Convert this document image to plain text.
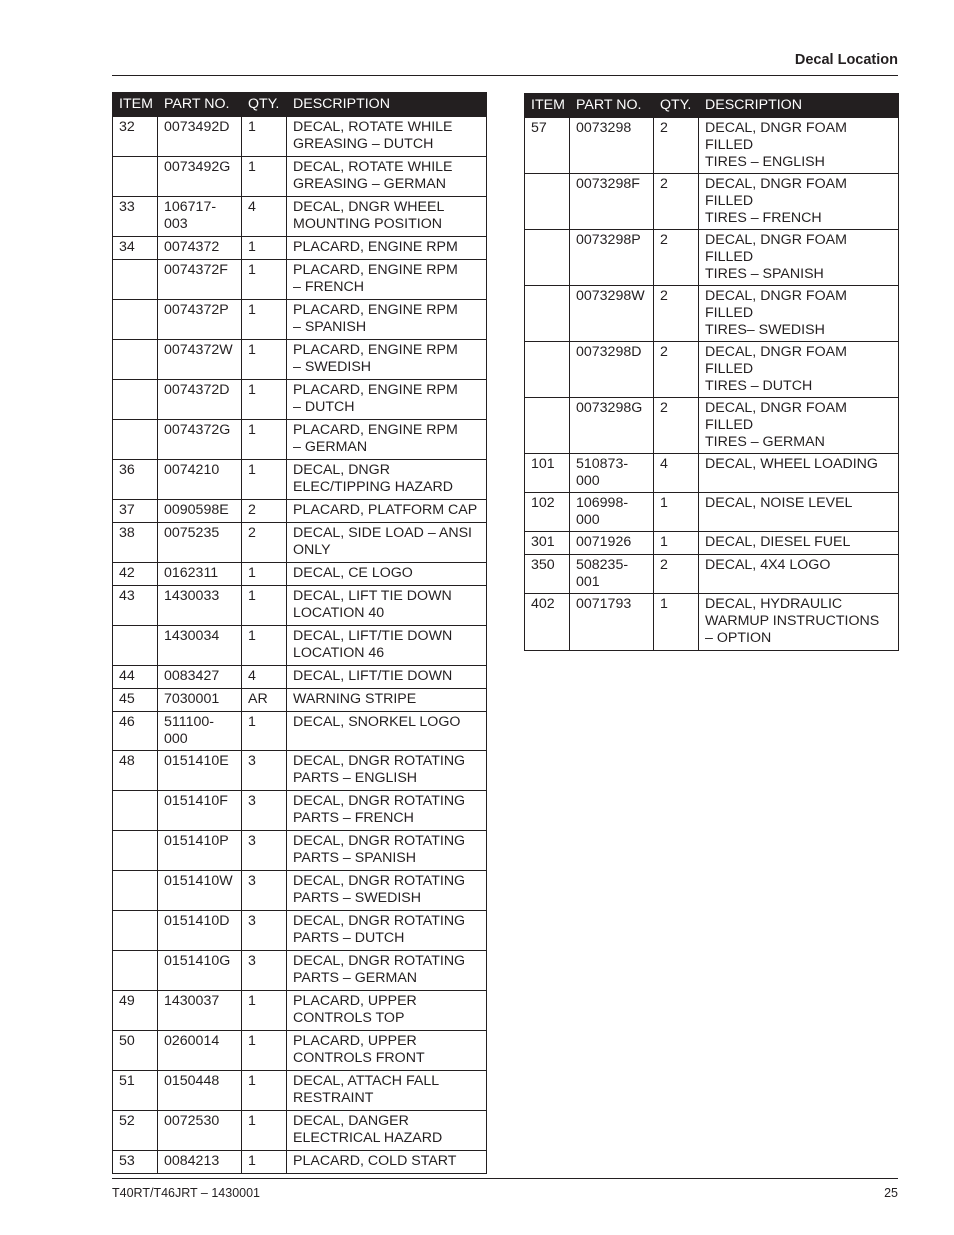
Decal Location
ITEM	PART NO.	QTY.	DESCRIPTION
32	0073492D	1	DECAL, ROTATE WHILE
GREASING – DUTCH
	0073492G	1	DECAL, ROTATE WHILE
GREASING – GERMAN
33	106717-003	4	DECAL, DNGR WHEEL
MOUNTING POSITION
34	0074372	1	PLACARD, ENGINE RPM
	0074372F	1	PLACARD, ENGINE RPM
– FRENCH
	0074372P	1	PLACARD, ENGINE RPM
– SPANISH
	0074372W	1	PLACARD, ENGINE RPM
– SWEDISH
	0074372D	1	PLACARD, ENGINE RPM
– DUTCH
	0074372G	1	PLACARD, ENGINE RPM
– GERMAN
36	0074210	1	DECAL, DNGR
ELEC/TIPPING HAZARD
37	0090598E	2	PLACARD, PLATFORM CAP
38	0075235	2	DECAL, SIDE LOAD – ANSI
ONLY
42	0162311	1	DECAL, CE LOGO
43	1430033	1	DECAL, LIFT TIE DOWN
LOCATION 40
	1430034	1	DECAL, LIFT/TIE DOWN
LOCATION 46
44	0083427	4	DECAL, LIFT/TIE DOWN
45	7030001	AR	WARNING STRIPE
46	511100-000	1	DECAL, SNORKEL LOGO
48	0151410E	3	DECAL, DNGR ROTATING
PARTS – ENGLISH
	0151410F	3	DECAL, DNGR ROTATING
PARTS – FRENCH
	0151410P	3	DECAL, DNGR ROTATING
PARTS – SPANISH
	0151410W	3	DECAL, DNGR ROTATING
PARTS – SWEDISH
	0151410D	3	DECAL, DNGR ROTATING
PARTS – DUTCH
	0151410G	3	DECAL, DNGR ROTATING
PARTS – GERMAN
49	1430037	1	PLACARD, UPPER
CONTROLS TOP
50	0260014	1	PLACARD, UPPER
CONTROLS FRONT
51	0150448	1	DECAL, ATTACH FALL
RESTRAINT
52	0072530	1	DECAL, DANGER
ELECTRICAL HAZARD
53	0084213	1	PLACARD, COLD START
ITEM	PART NO.	QTY.	DESCRIPTION
57	0073298	2	DECAL, DNGR FOAM FILLED
TIRES – ENGLISH
	0073298F	2	DECAL, DNGR FOAM FILLED
TIRES – FRENCH
	0073298P	2	DECAL, DNGR FOAM FILLED
TIRES – SPANISH
	0073298W	2	DECAL, DNGR FOAM FILLED
TIRES– SWEDISH
	0073298D	2	DECAL, DNGR FOAM FILLED
TIRES – DUTCH
	0073298G	2	DECAL, DNGR FOAM FILLED
TIRES – GERMAN
101	510873-000	4	DECAL, WHEEL LOADING
102	106998-000	1	DECAL, NOISE LEVEL
301	0071926	1	DECAL, DIESEL FUEL
350	508235-001	2	DECAL, 4X4 LOGO
402	0071793	1	DECAL, HYDRAULIC
WARMUP INSTRUCTIONS
– OPTION
T40RT/T46JRT – 1430001	25
